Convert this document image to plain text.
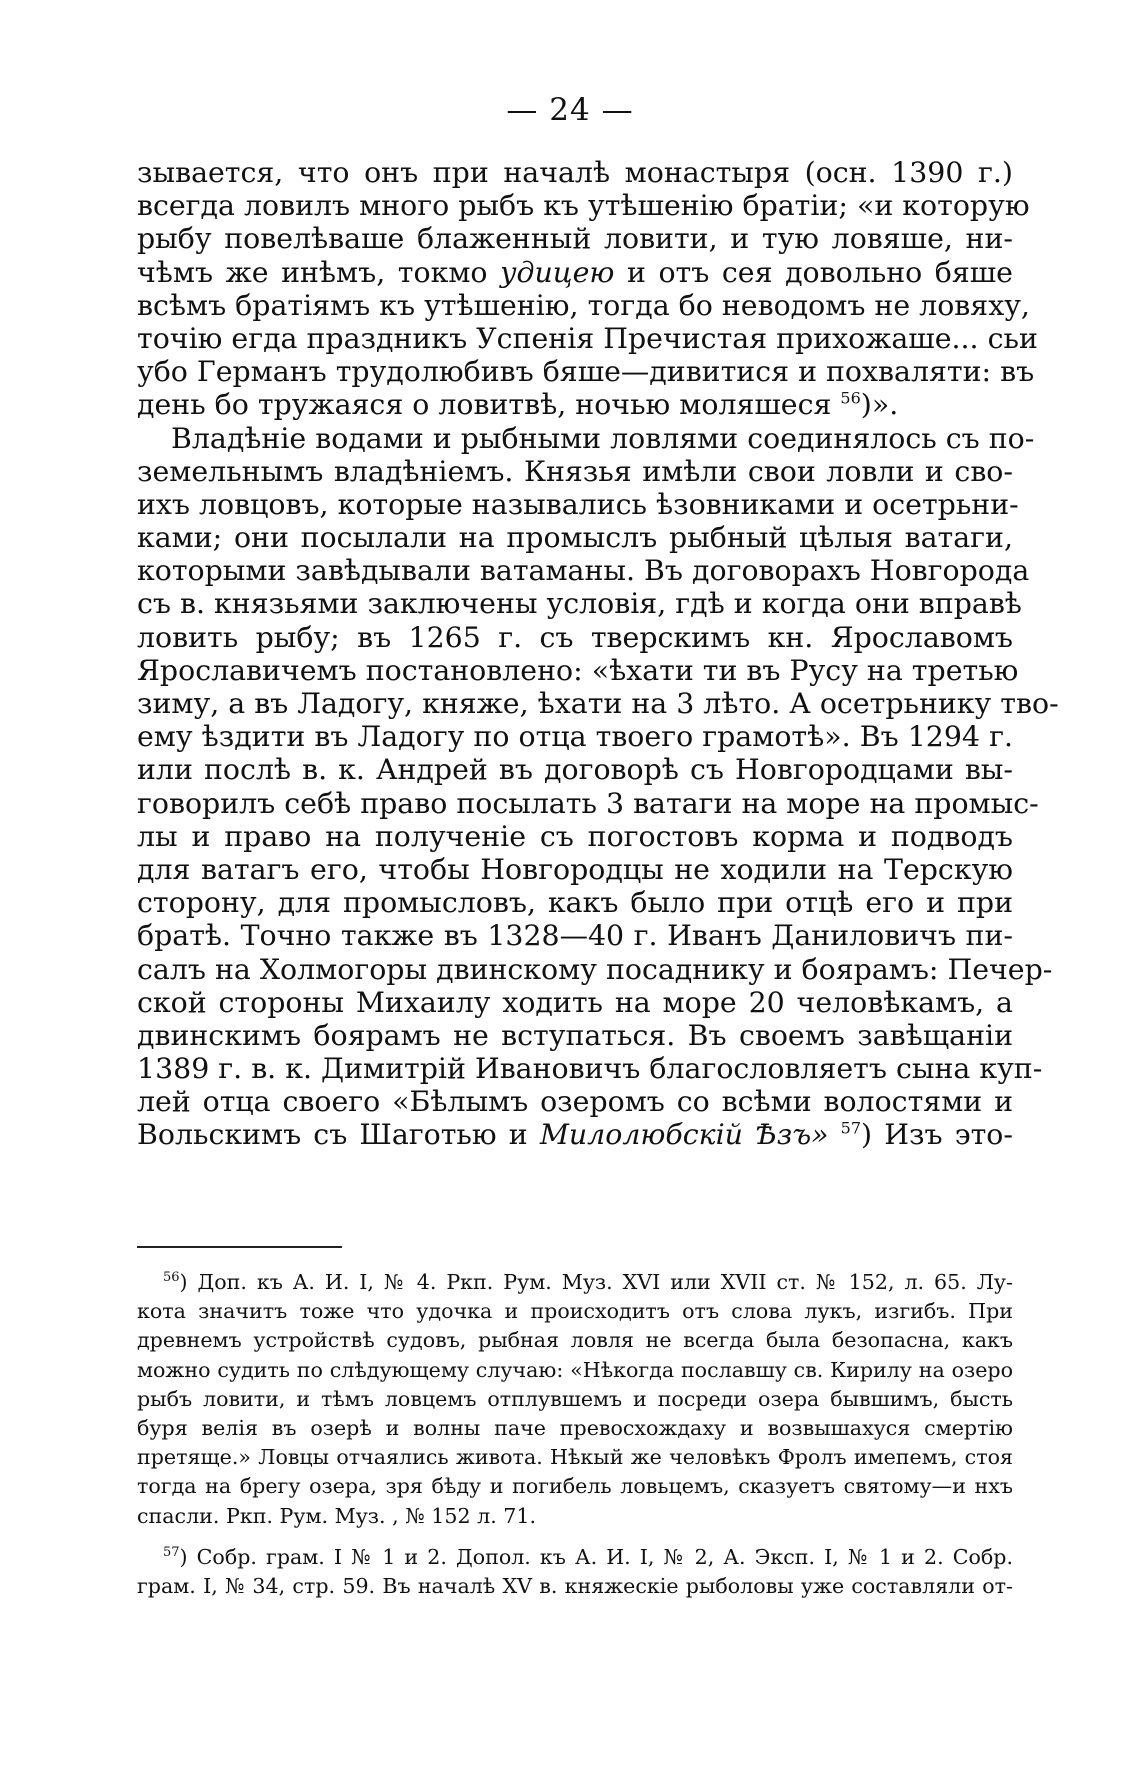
— 24 —
зывается, что онъ при началѣ монастыря (осн. 1390 г.)
всегда ловилъ много рыбъ къ утѣшенію братіи; «и которую
рыбу повелѣваше блаженный ловити, и тую ловяше, ни-
чѣмъ же инѣмъ, токмо удицею и отъ сея довольно бяше
всѣмъ братіямъ къ утѣшенію, тогда бо неводомъ не ловяху,
точію егда праздникъ Успенія Пречистая прихожаше... сьи
убо Германъ трудолюбивъ бяше—дивитися и похваляти: въ
день бо тружаяся о ловитвѣ, ночью моляшеся $^{56}$)».
Владѣніе водами и рыбными ловлями соединялось съ по-
земельнымъ владѣніемъ. Князья имѣли свои ловли и сво-
ихъ ловцовъ, которые назывались ѣзовниками и осетрьни-
ками; они посылали на промыслъ рыбный цѣлыя ватаги,
которыми завѣдывали ватаманы. Въ договорахъ Новгорода
съ в. князьями заключены условія, гдѣ и когда они вправѣ
ловить рыбу; въ 1265 г. съ тверскимъ кн. Ярославомъ
Ярославичемъ постановлено: «ѣхати ти въ Русу на третью
зиму, а въ Ладогу, княже, ѣхати на 3 лѣто. А осетрьнику тво-
ему ѣздити въ Ладогу по отца твоего грамотѣ». Въ 1294 г.
или послѣ в. к. Андрей въ договорѣ съ Новгородцами вы-
говорилъ себѣ право посылать 3 ватаги на море на промыс-
лы и право на полученіе съ погостовъ корма и подводъ
для ватагъ его, чтобы Новгородцы не ходили на Терскую
сторону, для промысловъ, какъ было при отцѣ его и при
братѣ. Точно также въ 1328—40 г. Иванъ Даниловичъ пи-
салъ на Холмогоры двинскому посаднику и боярамъ: Печер-
ской стороны Михаилу ходить на море 20 человѣкамъ, а
двинскимъ боярамъ не вступаться. Въ своемъ завѣщаніи
1389 г. в. к. Димитрій Ивановичъ благословляетъ сына куп-
лей отца своего «Бѣлымъ озеромъ со всѣми волостями и
Вольскимъ съ Шаготью и Милолюбскій Ѣзъ» $^{57}$) Изъ это-
$^{56}$) Доп. къ А. И. I, № 4. Ркп. Рум. Муз. XVI или XVII ст. № 152, л. 65. Лу-
кота значитъ тоже что удочка и происходитъ отъ слова лукъ, изгибъ. При
древнемъ устройствѣ судовъ, рыбная ловля не всегда была безопасна, какъ
можно судить по слѣдующему случаю: «Нѣкогда пославшу св. Кирилу на озеро
рыбъ ловити, и тѣмъ ловцемъ отплувшемъ и посреди озера бывшимъ, бысть
буря велія въ озерѣ и волны паче превосхождаху и возвышахуся смертію
претяще.» Ловцы отчаялись живота. Нѣкый же человѣкъ Фролъ имепемъ, стоя
тогда на брегу озера, зря бѣду и погибель ловьцемъ, сказуетъ святому—и нхъ
спасли. Ркп. Рум. Муз. , № 152 л. 71.
$^{57}$) Собр. грам. I № 1 и 2. Допол. къ А. И. I, № 2, А. Эксп. I, № 1 и 2. Собр.
грам. I, № 34, стр. 59. Въ началѣ XV в. княжескіе рыболовы уже составляли от-
